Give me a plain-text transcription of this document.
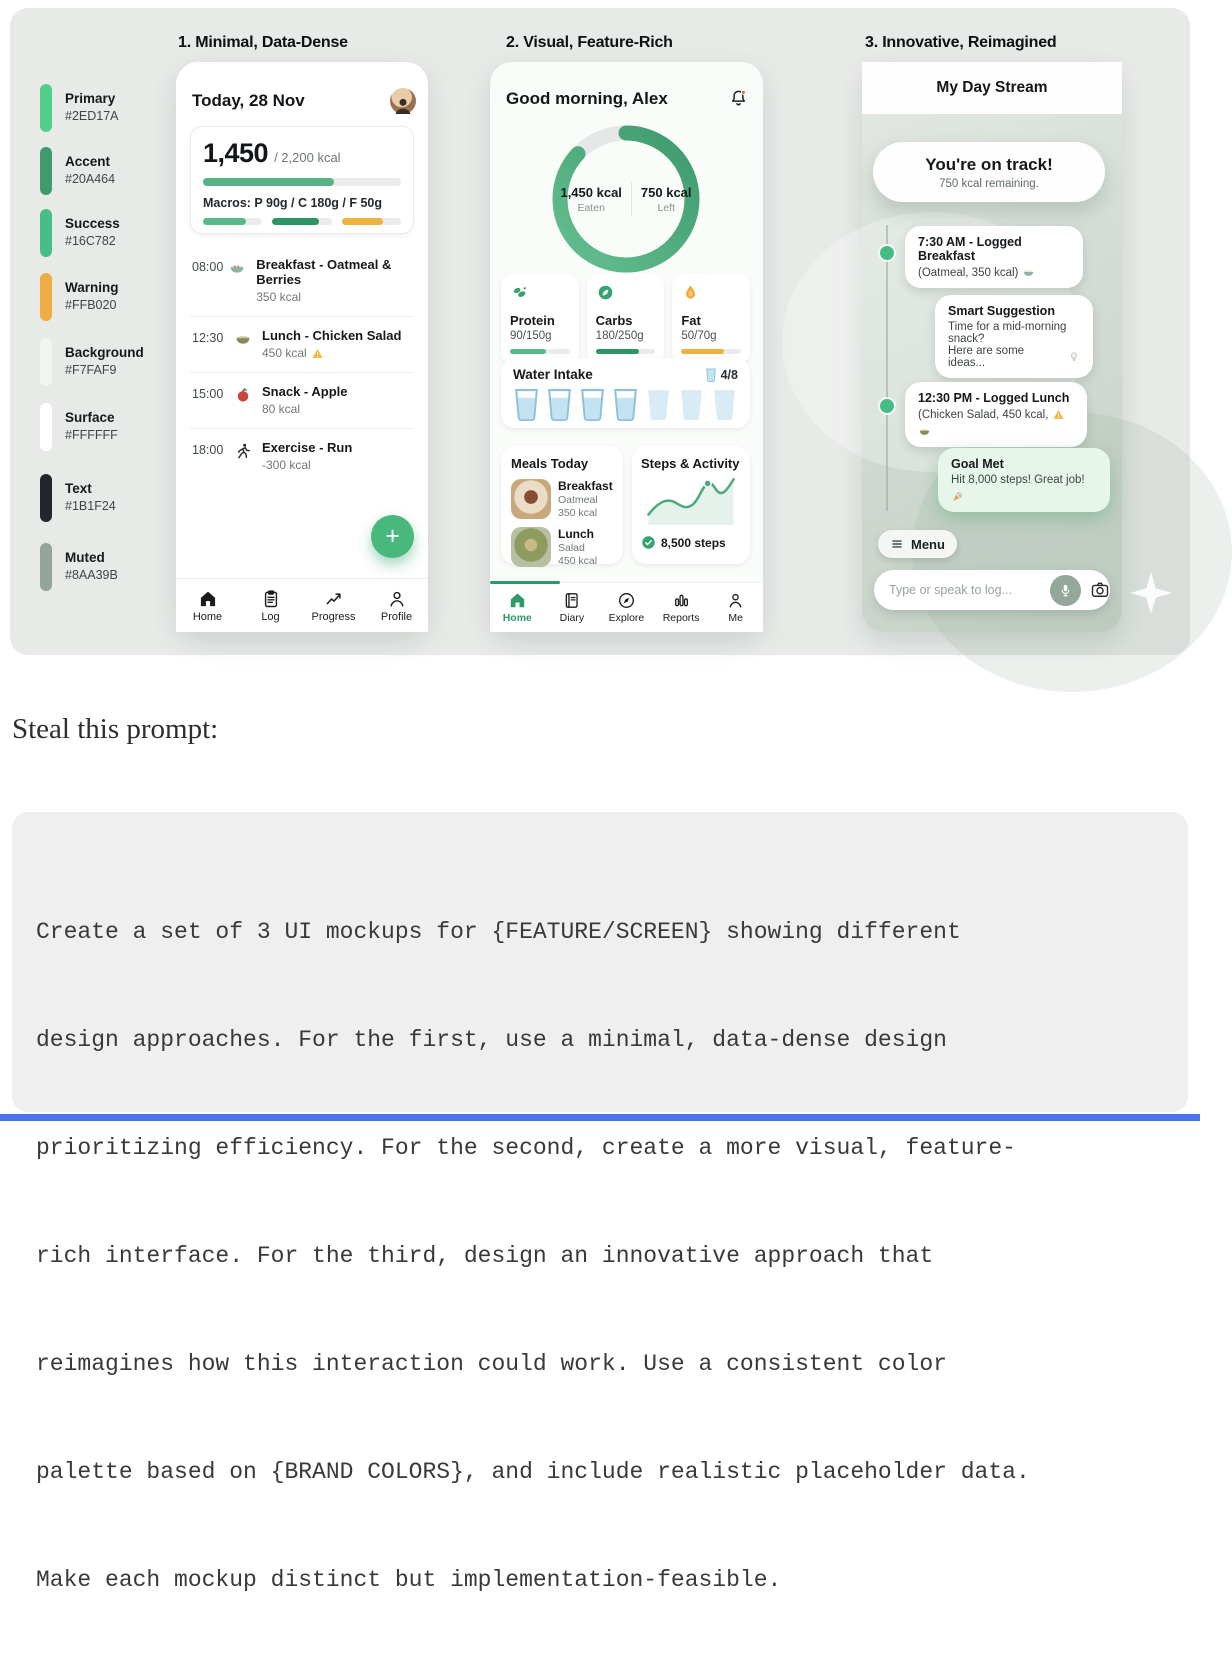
Primary
#2ED17A
Accent
#20A464
Success
#16C782
Warning
#FFB020
Background
#F7FAF9
Surface
#FFFFFF
Text
#1B1F24
Muted
#8AA39B
1. Minimal, Data-Dense	2. Visual, Feature-Rich	3. Innovative, Reimagined
Today, 28 Nov
1,450 / 2,200 kcal
Macros: P 90g / C 180g / F 50g
08:00	Breakfast - Oatmeal & Berries
350 kcal
12:30	Lunch - Chicken Salad
450 kcal
15:00	Snack - Apple
80 kcal
18:00	Exercise - Run
-300 kcal
+
Home	Log	Progress Profile
Good morning, Alex
1,450 kcal
Eaten
750 kcal
Left
Protein
90/150g
Carbs
180/250g
Fat
50/70g
Water Intake	4/8
Meals Today
Breakfast
Oatmeal
350 kcal
Lunch
Salad
450 kcal
Steps & Activity
8,500 steps
Home	Diary Explore Reports	Me
My Day Stream
You're on track!
750 kcal remaining.
7:30 AM - Logged Breakfast
(Oatmeal, 350 kcal)
Smart Suggestion
Time for a mid-morning snack?
Here are some ideas...
12:30 PM - Logged Lunch
(Chicken Salad, 450 kcal,
Goal Met
Hit 8,000 steps! Great job!
Menu
Type or speak to log...
Steal this prompt:

Create a set of 3 UI mockups for {FEATURE/SCREEN} showing different

design approaches. For the first, use a minimal, data-dense design

prioritizing efficiency. For the second, create a more visual, feature-

rich interface. For the third, design an innovative approach that

reimagines how this interaction could work. Use a consistent color

palette based on {BRAND COLORS}, and include realistic placeholder data.

Make each mockup distinct but implementation-feasible.
